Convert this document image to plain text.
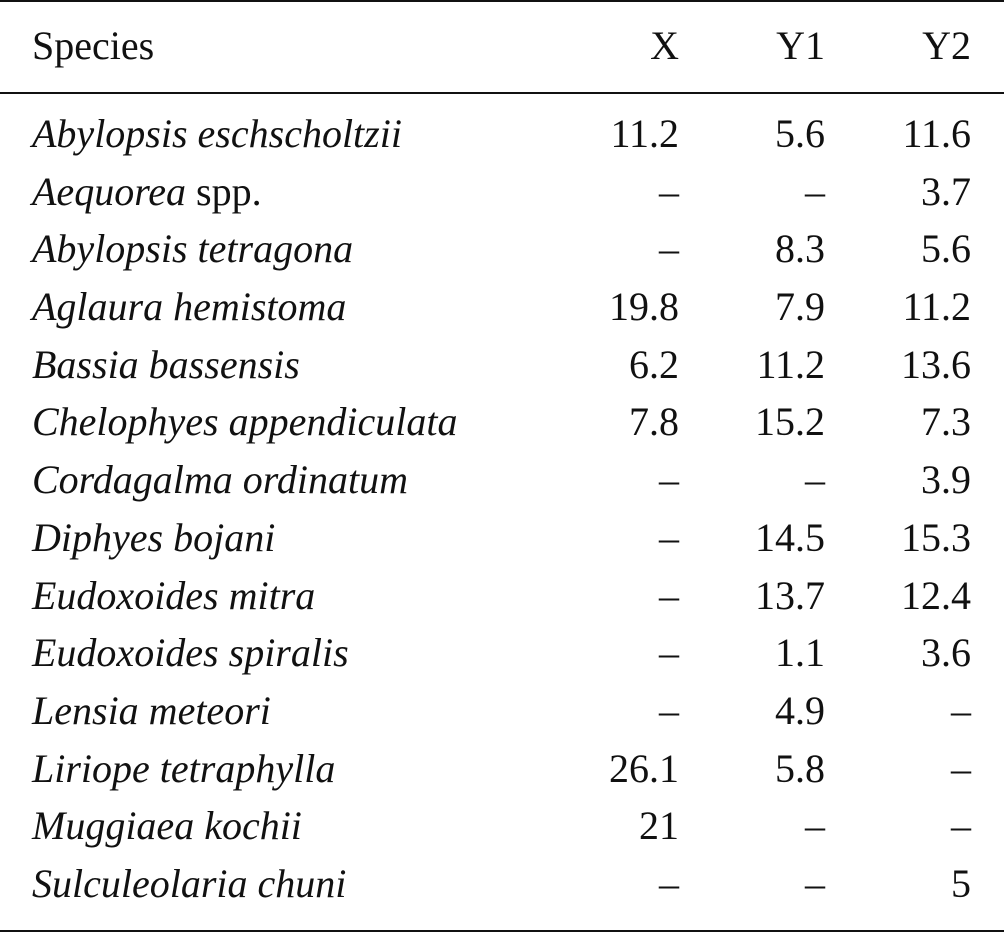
Species	X Y1 Y2
Abylopsis eschscholtzii	11.2 5.6 11.6
Aequorea spp.	–	– 3.7
Abylopsis tetragona	– 8.3 5.6
Aglaura hemistoma	19.8 7.9 11.2
Bassia bassensis	6.2 11.2 13.6
Chelophyes appendiculata	7.8 15.2 7.3
Cordagalma ordinatum	–	– 3.9
Diphyes bojani	– 14.5 15.3
Eudoxoides mitra	– 13.7 12.4
Eudoxoides spiralis	– 1.1 3.6
Lensia meteori	– 4.9	–
Liriope tetraphylla	26.1 5.8	–
Muggiaea kochii	21	–	–
Sulculeolaria chuni	–	–	5
